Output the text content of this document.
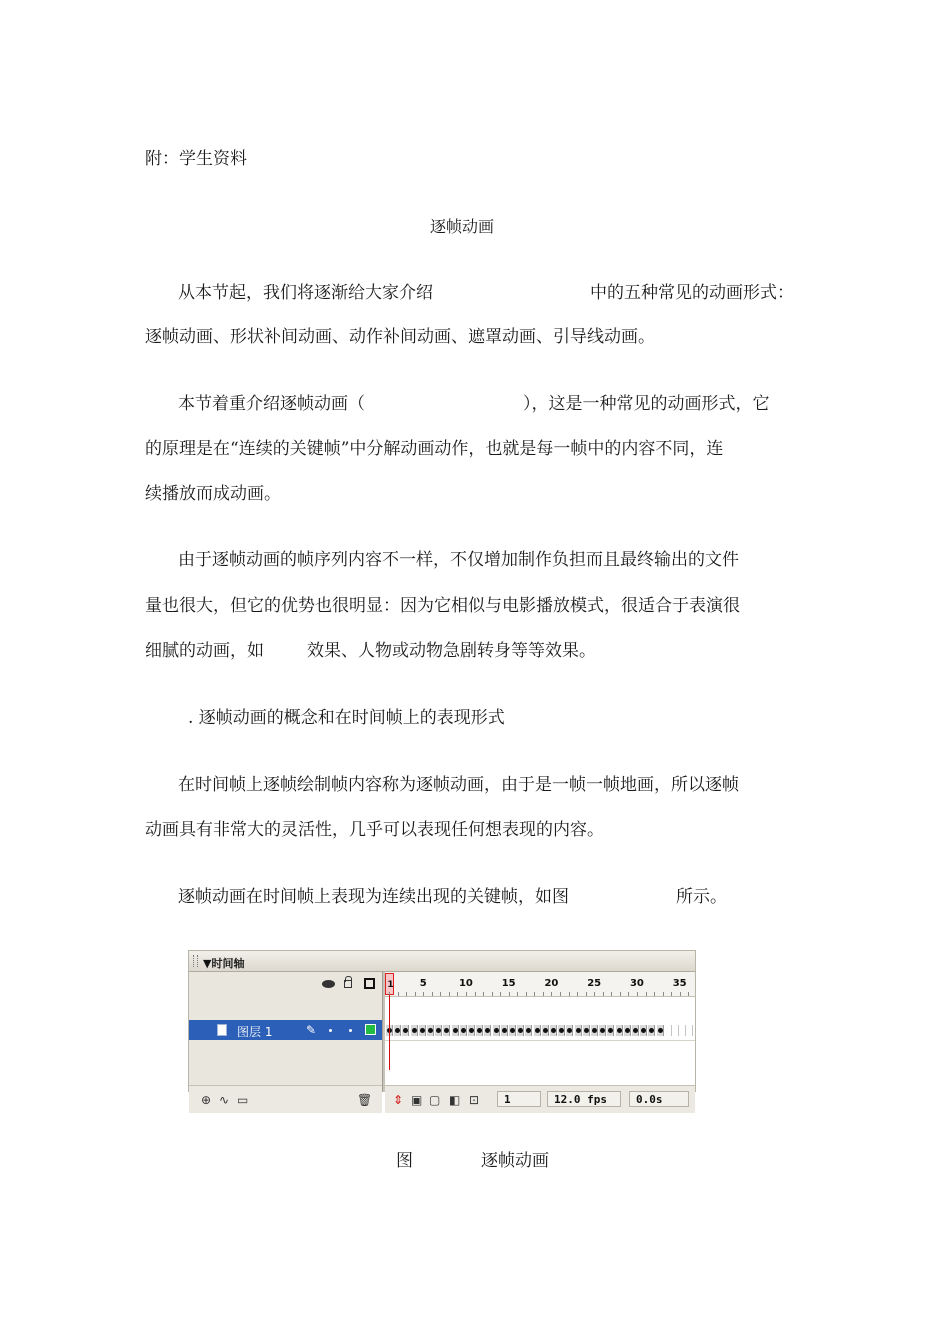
附：学生资料
逐帧动画
从本节起，我们将逐渐给大家介绍	中的五种常见的动画形式：
逐帧动画、形状补间动画、动作补间动画、遮罩动画、引导线动画。
本节着重介绍逐帧动画（	），这是一种常见的动画形式，它
的原理是在“连续的关键帧”中分解动画动作，也就是每一帧中的内容不同，连
续播放而成动画。
由于逐帧动画的帧序列内容不一样，不仅增加制作负担而且最终输出的文件
量也很大，但它的优势也很明显：因为它相似与电影播放模式，很适合于表演很
细腻的动画，如	效果、人物或动物急剧转身等等效果。
. 逐帧动画的概念和在时间帧上的表现形式
在时间帧上逐帧绘制帧内容称为逐帧动画，由于是一帧一帧地画，所以逐帧
动画具有非常大的灵活性，几乎可以表现任何想表现的内容。
逐帧动画在时间帧上表现为连续出现的关键帧，如图	所示。
▼时间轴
图层 1	✎
⊕ ∿ ▭	🗑
1	5	10	15	20	25	30	35
⇕ ▣ ▢ ◧ ⊡	1	12.0 fps	0.0s
图	逐帧动画
